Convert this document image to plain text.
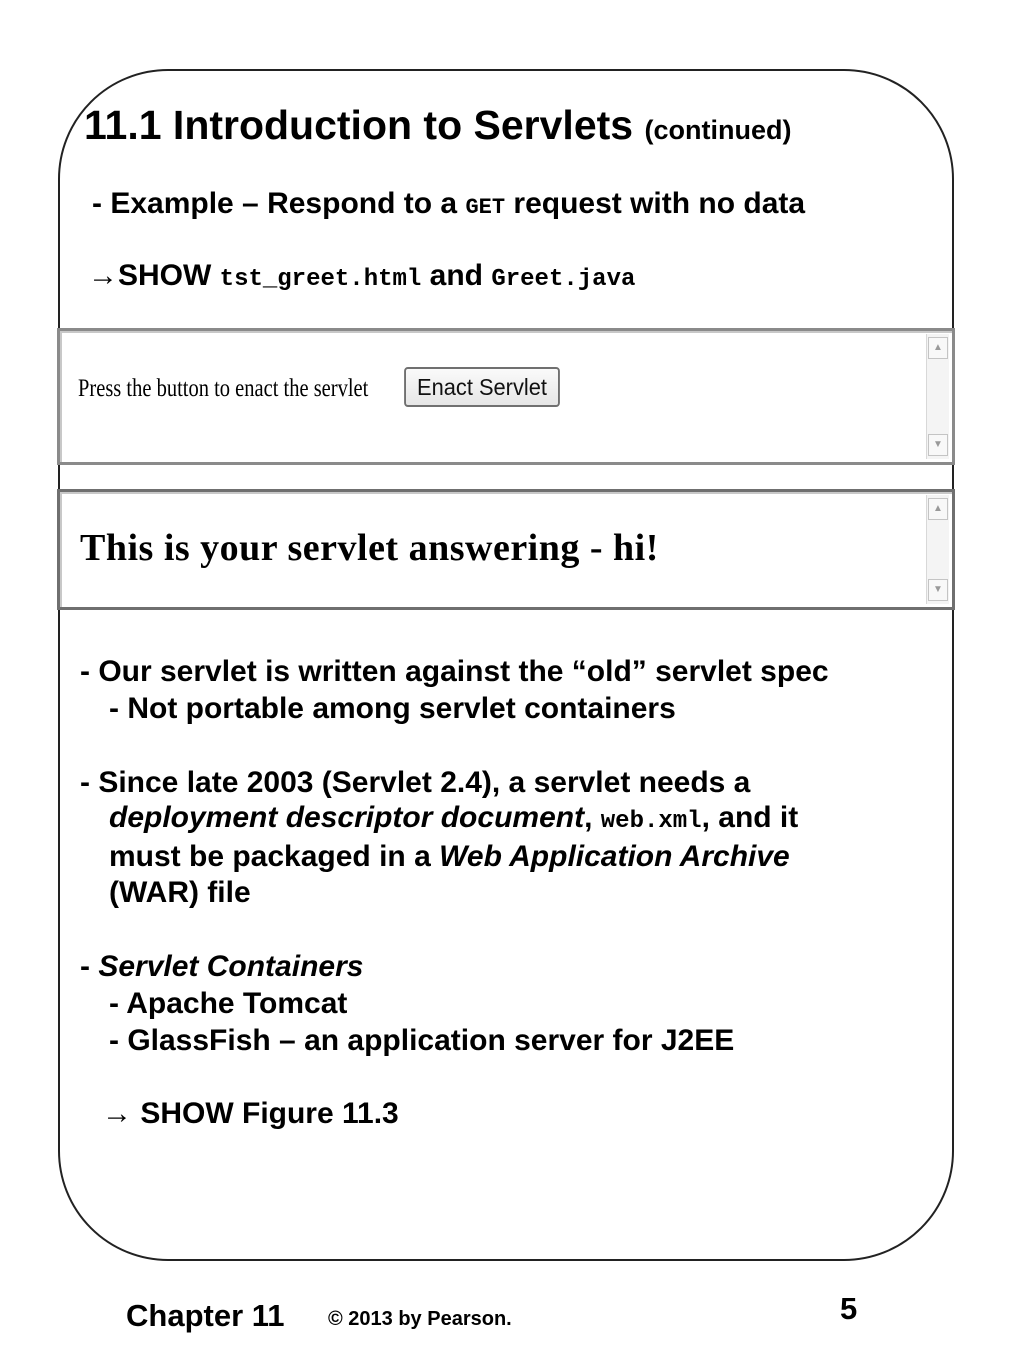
11.1 Introduction to Servlets (continued)
- Example – Respond to a GET request with no data
→SHOW tst_greet.html and Greet.java
Press the button to enact the servlet	Enact Servlet
▲
▼
This is your servlet answering - hi!
▲
▼
- Our servlet is written against the “old” servlet spec
- Not portable among servlet containers
- Since late 2003 (Servlet 2.4), a servlet needs a
deployment descriptor document, web.xml, and it
must be packaged in a Web Application Archive
(WAR) file
- Servlet Containers
- Apache Tomcat
- GlassFish – an application server for J2EE
→ SHOW Figure 11.3
Chapter 11 © 2013 by Pearson.	5
